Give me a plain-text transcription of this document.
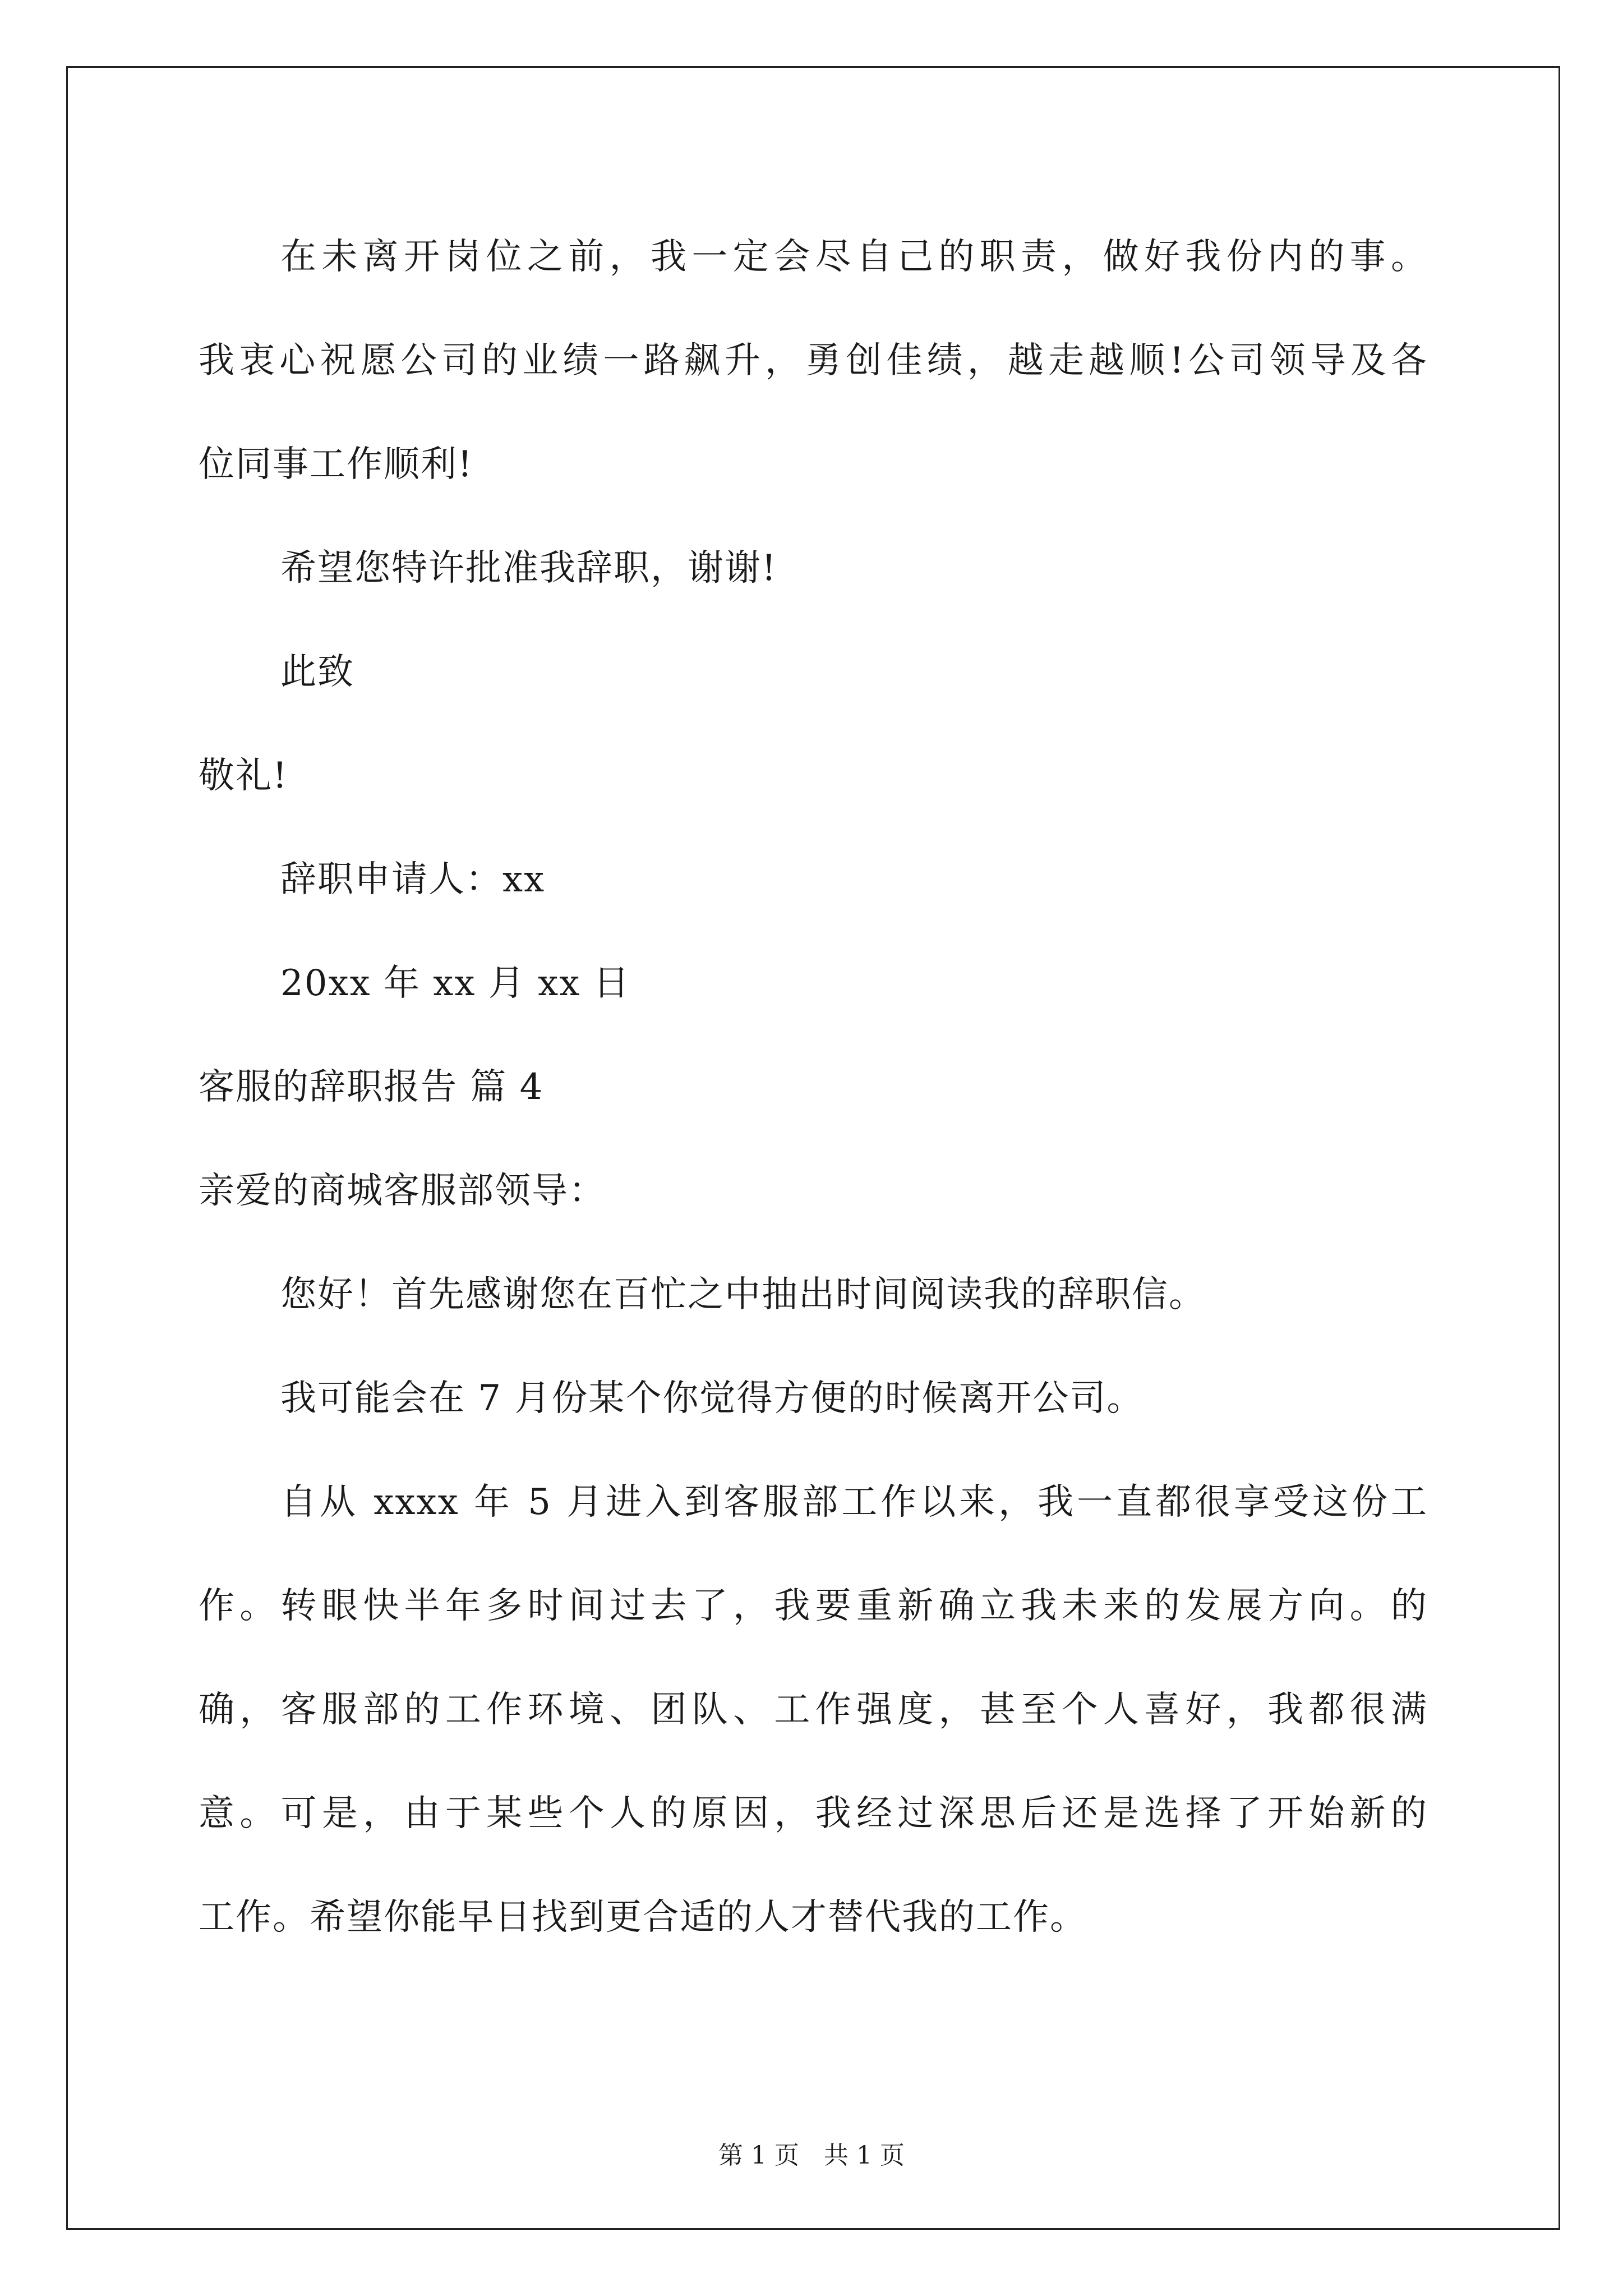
在未离开岗位之前，我一定会尽自己的职责，做好我份内的事。
我衷心祝愿公司的业绩一路飙升，勇创佳绩，越走越顺!公司领导及各
位同事工作顺利!
希望您特许批准我辞职，谢谢!
此致
敬礼!
辞职申请人：xx
20xx 年 xx 月 xx 日
客服的辞职报告 篇 4
亲爱的商城客服部领导：
您好！首先感谢您在百忙之中抽出时间阅读我的辞职信。
我可能会在 7 月份某个你觉得方便的时候离开公司。
自从 xxxx 年 5 月进入到客服部工作以来，我一直都很享受这份工
作。转眼快半年多时间过去了，我要重新确立我未来的发展方向。的
确，客服部的工作环境、团队、工作强度，甚至个人喜好，我都很满
意。可是，由于某些个人的原因，我经过深思后还是选择了开始新的
工作。希望你能早日找到更合适的人才替代我的工作。
第 1 页　共 1 页
